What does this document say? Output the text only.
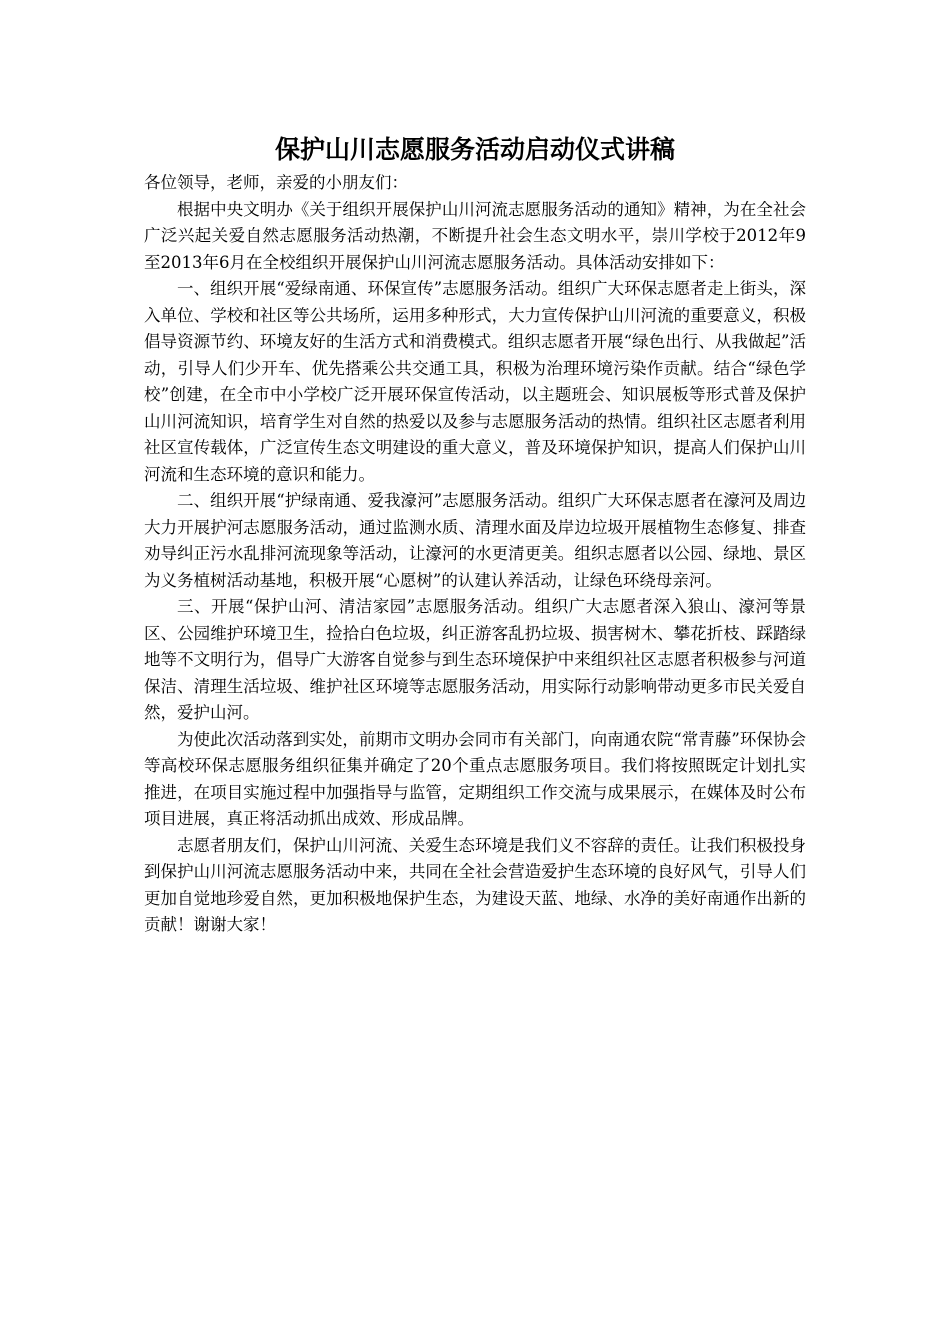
保护山川志愿服务活动启动仪式讲稿

各位领导，老师，亲爱的小朋友们：

根据中央文明办《关于组织开展保护山川河流志愿服务活动的通知》精神，为在全社会广泛兴起关爱自然志愿服务活动热潮，不断提升社会生态文明水平，崇川学校于2012年9至2013年6月在全校组织开展保护山川河流志愿服务活动。具体活动安排如下：

一、组织开展“爱绿南通、环保宣传”志愿服务活动。组织广大环保志愿者走上街头，深入单位、学校和社区等公共场所，运用多种形式，大力宣传保护山川河流的重要意义，积极倡导资源节约、环境友好的生活方式和消费模式。组织志愿者开展“绿色出行、从我做起”活动，引导人们少开车、优先搭乘公共交通工具，积极为治理环境污染作贡献。结合“绿色学校”创建，在全市中小学校广泛开展环保宣传活动，以主题班会、知识展板等形式普及保护山川河流知识，培育学生对自然的热爱以及参与志愿服务活动的热情。组织社区志愿者利用社区宣传载体，广泛宣传生态文明建设的重大意义，普及环境保护知识，提高人们保护山川河流和生态环境的意识和能力。

二、组织开展“护绿南通、爱我濠河”志愿服务活动。组织广大环保志愿者在濠河及周边大力开展护河志愿服务活动，通过监测水质、清理水面及岸边垃圾开展植物生态修复、排查劝导纠正污水乱排河流现象等活动，让濠河的水更清更美。组织志愿者以公园、绿地、景区为义务植树活动基地，积极开展“心愿树”的认建认养活动，让绿色环绕母亲河。

三、开展“保护山河、清洁家园”志愿服务活动。组织广大志愿者深入狼山、濠河等景区、公园维护环境卫生，捡拾白色垃圾，纠正游客乱扔垃圾、损害树木、攀花折枝、踩踏绿地等不文明行为，倡导广大游客自觉参与到生态环境保护中来组织社区志愿者积极参与河道保洁、清理生活垃圾、维护社区环境等志愿服务活动，用实际行动影响带动更多市民关爱自然，爱护山河。

为使此次活动落到实处，前期市文明办会同市有关部门，向南通农院“常青藤”环保协会等高校环保志愿服务组织征集并确定了20个重点志愿服务项目。我们将按照既定计划扎实推进，在项目实施过程中加强指导与监管，定期组织工作交流与成果展示，在媒体及时公布项目进展，真正将活动抓出成效、形成品牌。

志愿者朋友们，保护山川河流、关爱生态环境是我们义不容辞的责任。让我们积极投身到保护山川河流志愿服务活动中来，共同在全社会营造爱护生态环境的良好风气，引导人们更加自觉地珍爱自然，更加积极地保护生态，为建设天蓝、地绿、水净的美好南通作出新的贡献！谢谢大家！
